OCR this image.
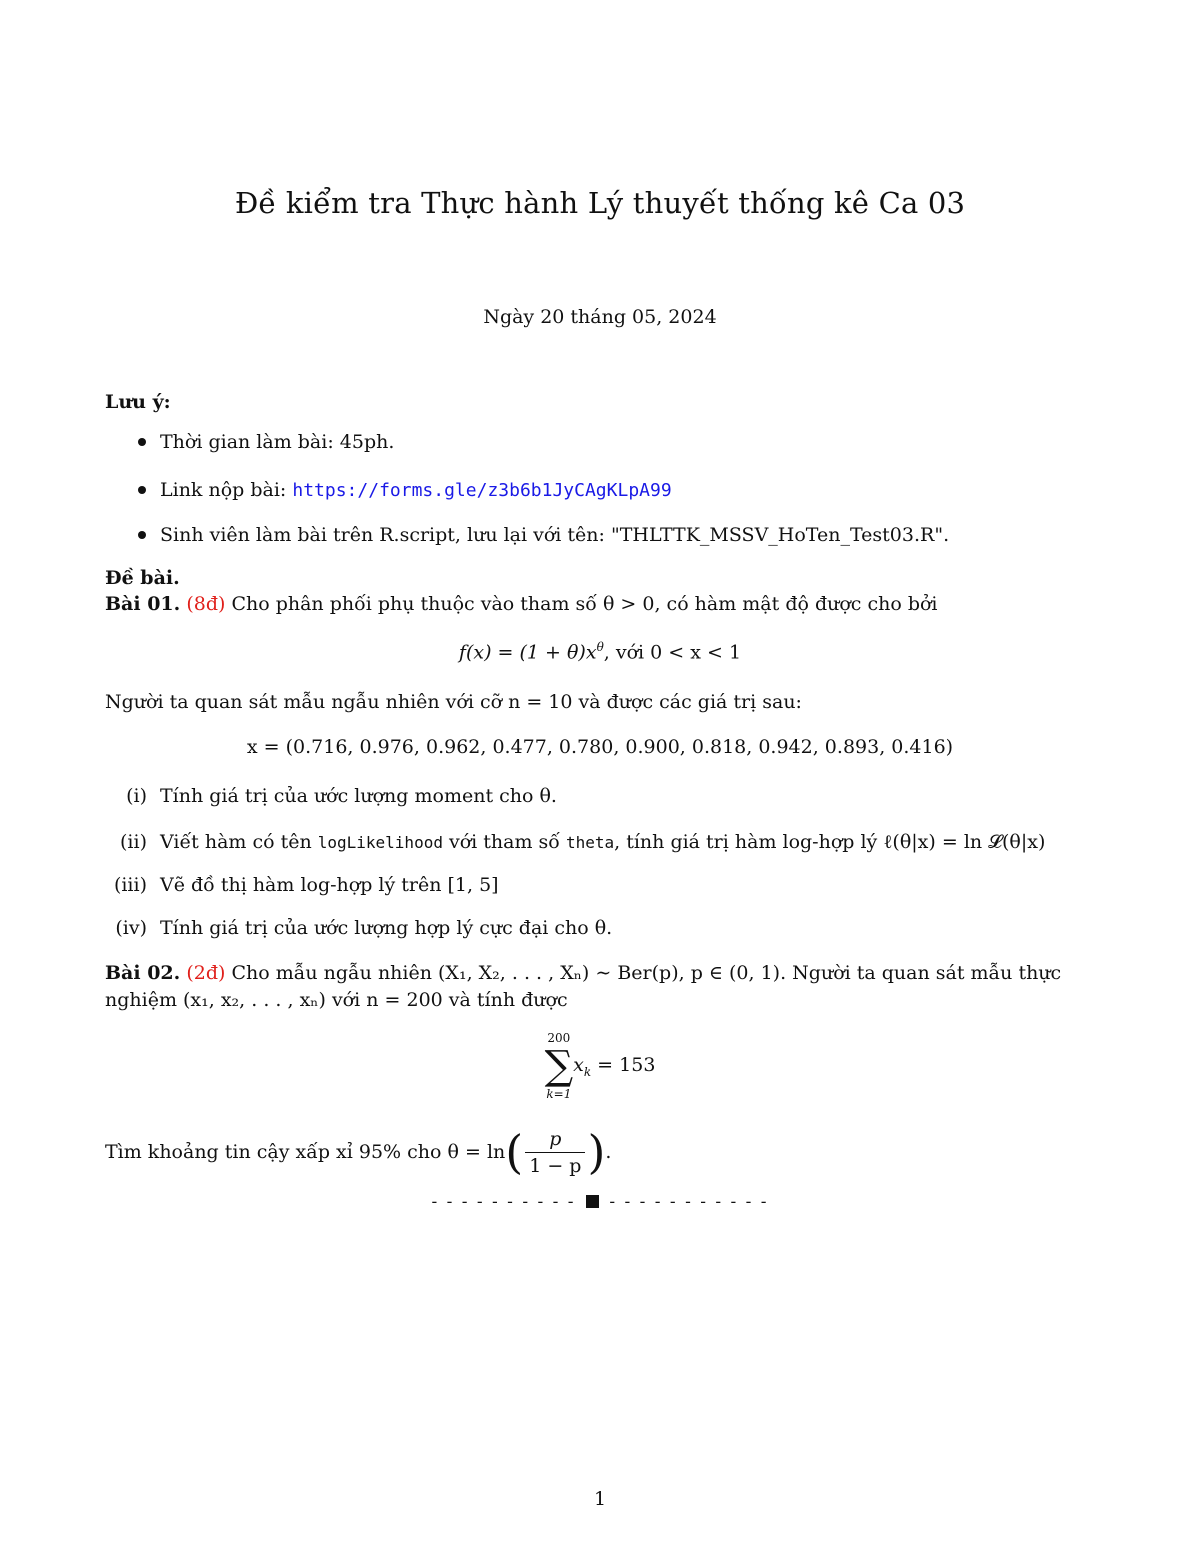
Đề kiểm tra Thực hành Lý thuyết thống kê Ca 03
Ngày 20 tháng 05, 2024
Lưu ý:
Thời gian làm bài: 45ph.
Link nộp bài: https://forms.gle/z3b6b1JyCAgKLpA99
Sinh viên làm bài trên R.script, lưu lại với tên: "THLTTK_MSSV_HoTen_Test03.R".
Đề bài.
Bài 01. (8đ) Cho phân phối phụ thuộc vào tham số θ > 0, có hàm mật độ được cho bởi
$f(x) = (1 + \theta)x^\theta$, với 0 < x < 1
Người ta quan sát mẫu ngẫu nhiên với cỡ n = 10 và được các giá trị sau:
x = (0.716, 0.976, 0.962, 0.477, 0.780, 0.900, 0.818, 0.942, 0.893, 0.416)
(i) Tính giá trị của ước lượng moment cho θ.
(ii) Viết hàm có tên logLikelihood với tham số theta, tính giá trị hàm log-hợp lý ℓ(θ|x) = ln 𝓛(θ|x)
(iii) Vẽ đồ thị hàm log-hợp lý trên [1, 5]
(iv) Tính giá trị của ước lượng hợp lý cực đại cho θ.
Bài 02. (2đ) Cho mẫu ngẫu nhiên (X₁, X₂, . . . , Xₙ) ∼ Ber(p), p ∈ (0, 1). Người ta quan sát mẫu thực
nghiệm (x₁, x₂, . . . , xₙ) với n = 200 và tính được
200
∑
k=1
$x_k = 153$
Tìm khoảng tin cậy xấp xỉ 95% cho θ = ln ( $\frac{p}{1 - p}$ ) .
- - - - - - - - - - - - - - - - - - - - -
1
